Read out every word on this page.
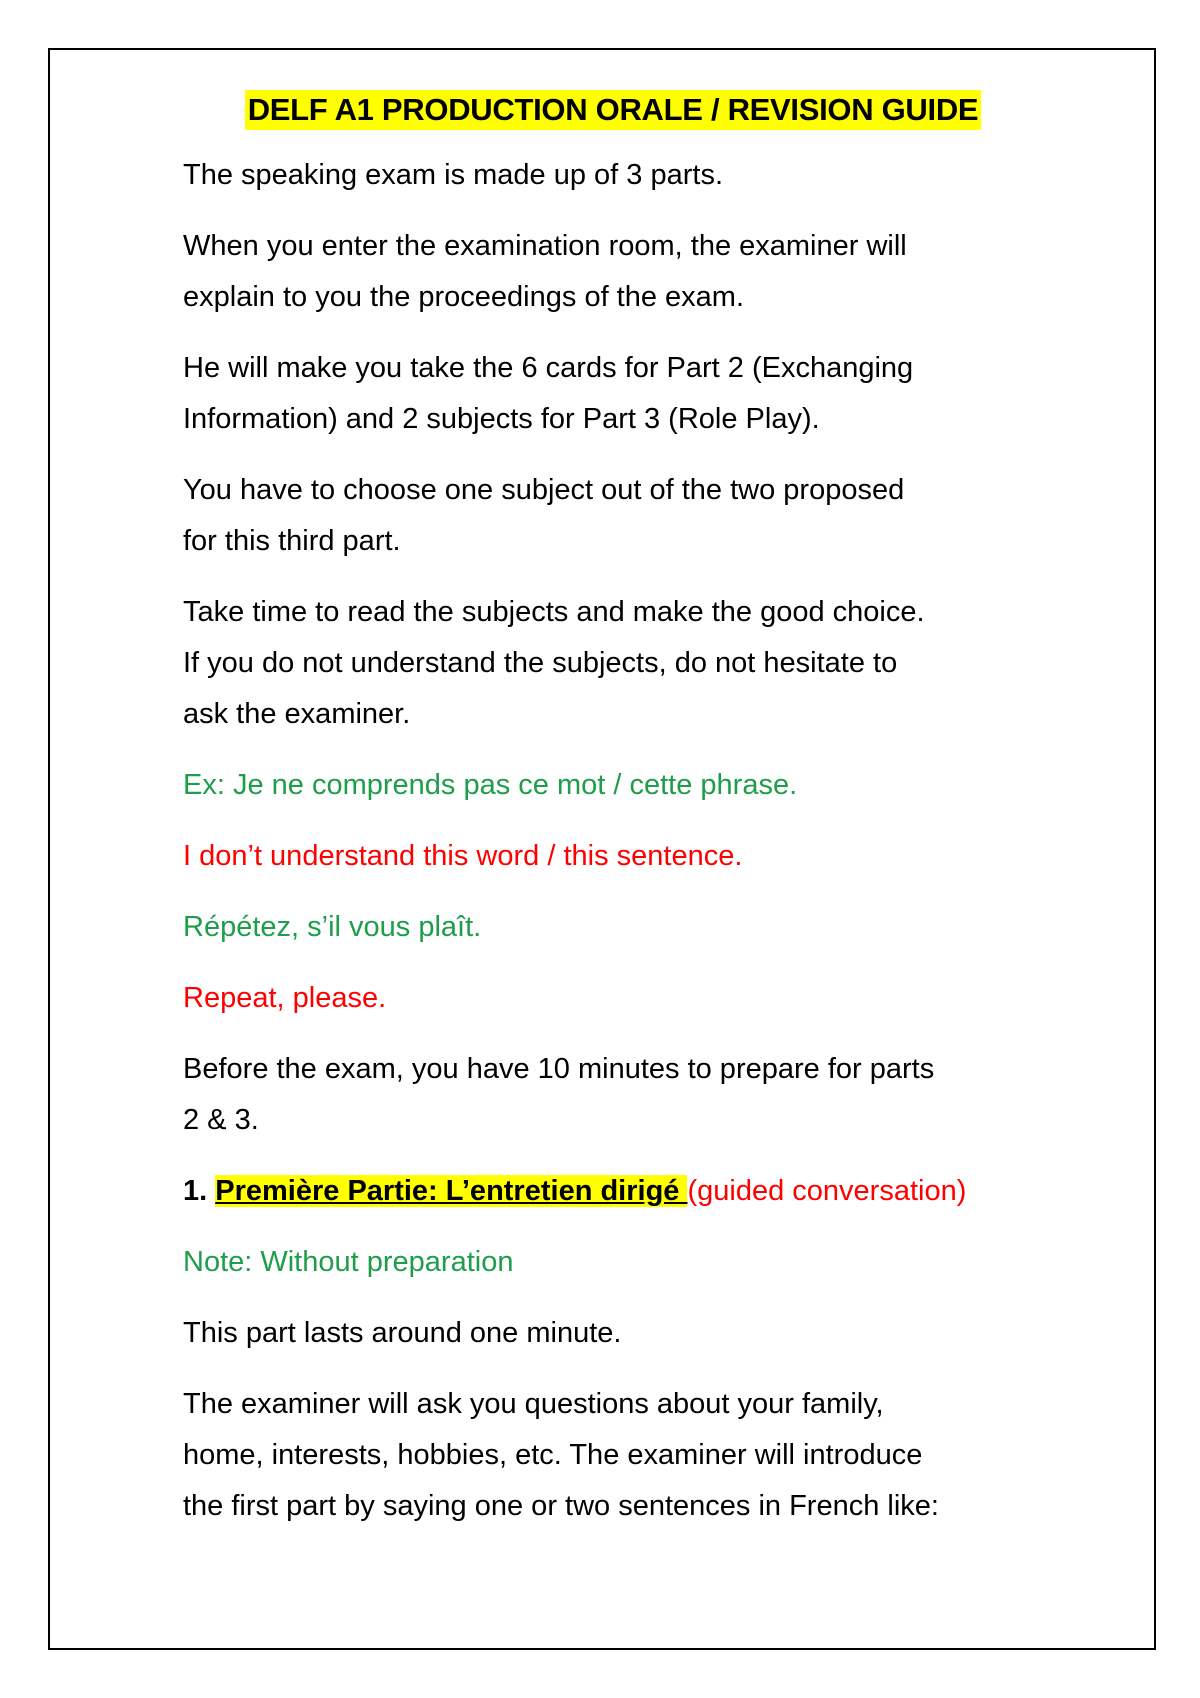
DELF A1 PRODUCTION ORALE / REVISION GUIDE
The speaking exam is made up of 3 parts.
When you enter the examination room, the examiner will
explain to you the proceedings of the exam.
He will make you take the 6 cards for Part 2 (Exchanging
Information) and 2 subjects for Part 3 (Role Play).
You have to choose one subject out of the two proposed
for this third part.
Take time to read the subjects and make the good choice.
If you do not understand the subjects, do not hesitate to
ask the examiner.
Ex: Je ne comprends pas ce mot / cette phrase.
I don’t understand this word / this sentence.
Répétez, s’il vous plaît.
Repeat, please.
Before the exam, you have 10 minutes to prepare for parts
2 & 3.
1. Première Partie: L’entretien dirigé (guided conversation)
Note: Without preparation
This part lasts around one minute.
The examiner will ask you questions about your family,
home, interests, hobbies, etc. The examiner will introduce
the first part by saying one or two sentences in French like:
